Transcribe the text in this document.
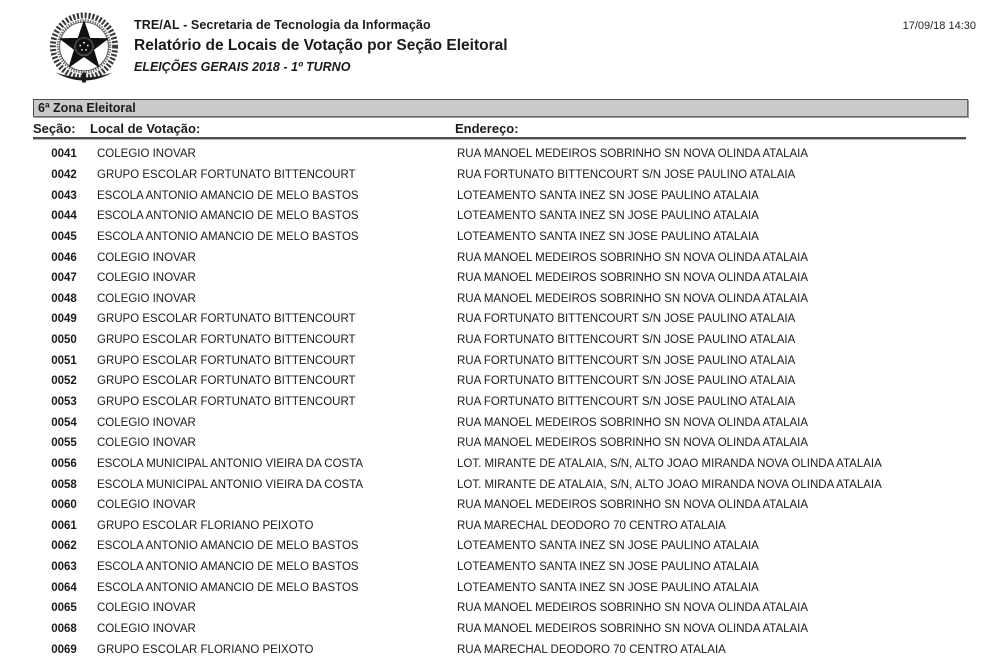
TRE/AL - Secretaria de Tecnologia da Informação
Relatório de Locais de Votação por Seção Eleitoral
ELEIÇÕES GERAIS 2018 - 1º TURNO
17/09/18 14:30
6ª Zona Eleitoral
Seção: Local de Votação:	Endereço:
0041	COLÉGIO INOVAR	RUA MANOEL MEDEIROS SOBRINHO SN NOVA OLINDA ATALAIA
0042	GRUPO ESCOLAR FORTUNATO BITTENCOURT	RUA FORTUNATO BITTENCOURT S/N JOSE PAULINO ATALAIA
0043	ESCOLA ANTONIO AMANCIO DE MELO BASTOS	LOTEAMENTO SANTA INEZ SN JOSE PAULINO ATALAIA
0044	ESCOLA ANTONIO AMANCIO DE MELO BASTOS	LOTEAMENTO SANTA INEZ SN JOSE PAULINO ATALAIA
0045	ESCOLA ANTONIO AMANCIO DE MELO BASTOS	LOTEAMENTO SANTA INEZ SN JOSE PAULINO ATALAIA
0046	COLÉGIO INOVAR	RUA MANOEL MEDEIROS SOBRINHO SN NOVA OLINDA ATALAIA
0047	COLÉGIO INOVAR	RUA MANOEL MEDEIROS SOBRINHO SN NOVA OLINDA ATALAIA
0048	COLÉGIO INOVAR	RUA MANOEL MEDEIROS SOBRINHO SN NOVA OLINDA ATALAIA
0049	GRUPO ESCOLAR FORTUNATO BITTENCOURT	RUA FORTUNATO BITTENCOURT S/N JOSE PAULINO ATALAIA
0050	GRUPO ESCOLAR FORTUNATO BITTENCOURT	RUA FORTUNATO BITTENCOURT S/N JOSE PAULINO ATALAIA
0051	GRUPO ESCOLAR FORTUNATO BITTENCOURT	RUA FORTUNATO BITTENCOURT S/N JOSE PAULINO ATALAIA
0052	GRUPO ESCOLAR FORTUNATO BITTENCOURT	RUA FORTUNATO BITTENCOURT S/N JOSE PAULINO ATALAIA
0053	GRUPO ESCOLAR FORTUNATO BITTENCOURT	RUA FORTUNATO BITTENCOURT S/N JOSE PAULINO ATALAIA
0054	COLÉGIO INOVAR	RUA MANOEL MEDEIROS SOBRINHO SN NOVA OLINDA ATALAIA
0055	COLÉGIO INOVAR	RUA MANOEL MEDEIROS SOBRINHO SN NOVA OLINDA ATALAIA
0056	ESCOLA MUNICIPAL ANTONIO VIEIRA DA COSTA	LOT. MIRANTE DE ATALAIA, S/N, ALTO JOÃO MIRANDA NOVA OLINDA ATALAIA
0058	ESCOLA MUNICIPAL ANTONIO VIEIRA DA COSTA	LOT. MIRANTE DE ATALAIA, S/N, ALTO JOÃO MIRANDA NOVA OLINDA ATALAIA
0060	COLÉGIO INOVAR	RUA MANOEL MEDEIROS SOBRINHO SN NOVA OLINDA ATALAIA
0061	GRUPO ESCOLAR FLORIANO PEIXOTO	RUA MARECHAL DEODORO 70 CENTRO ATALAIA
0062	ESCOLA ANTONIO AMANCIO DE MELO BASTOS	LOTEAMENTO SANTA INEZ SN JOSE PAULINO ATALAIA
0063	ESCOLA ANTONIO AMANCIO DE MELO BASTOS	LOTEAMENTO SANTA INEZ SN JOSE PAULINO ATALAIA
0064	ESCOLA ANTONIO AMANCIO DE MELO BASTOS	LOTEAMENTO SANTA INEZ SN JOSE PAULINO ATALAIA
0065	COLÉGIO INOVAR	RUA MANOEL MEDEIROS SOBRINHO SN NOVA OLINDA ATALAIA
0068	COLÉGIO INOVAR	RUA MANOEL MEDEIROS SOBRINHO SN NOVA OLINDA ATALAIA
0069	GRUPO ESCOLAR FLORIANO PEIXOTO	RUA MARECHAL DEODORO 70 CENTRO ATALAIA
